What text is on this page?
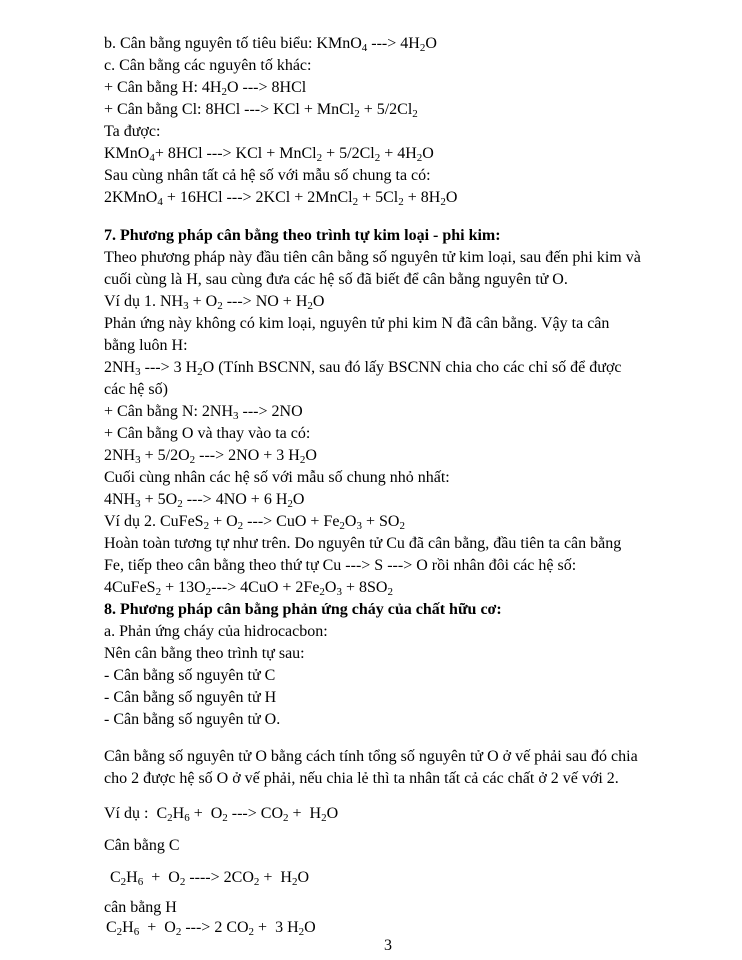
b. Cân bằng nguyên tố tiêu biểu: KMnO$_4$ ---> $4H_2O$
c. Cân bằng các nguyên tố khác:
+ Cân bằng H: $4H_2O$ ---> 8HCl
+ Cân bằng Cl: 8HCl ---> KCl + MnCl$_2$ + $5/2Cl_2$
Ta được:
KMnO$_4$+ 8HCl ---> KCl + MnCl$_2$ + $5/2Cl_2 + 4H_2O$
Sau cùng nhân tất cả hệ số với mẫu số chung ta có:
2KMnO$_4$ + 16HCl ---> 2KCl + 2MnCl$_2$ + $5Cl_2 + 8H_2O$
7. Phương pháp cân bằng theo trình tự kim loại - phi kim:
Theo phương pháp này đầu tiên cân bằng số nguyên tử kim loại, sau đến phi kim và
cuối cùng là H, sau cùng đưa các hệ số đã biết để cân bằng nguyên tử O.
Ví dụ 1. $NH_3 + O_2$ ---> NO + $H_2O$
Phản ứng này không có kim loại, nguyên tử phi kim N đã cân bằng. Vậy ta cân
bằng luôn H:
$2NH_3$ ---> 3 $H_2O$ (Tính BSCNN, sau đó lấy BSCNN chia cho các chỉ số để được
các hệ số)
+ Cân bằng N: $2NH_3$ ---> 2NO
+ Cân bằng O và thay vào ta có:
$2NH_3 + 5/2O_2$ ---> 2NO + 3 $H_2O$
Cuối cùng nhân các hệ số với mẫu số chung nhỏ nhất:
$4NH_3 + 5O_2$ ---> 4NO + 6 $H_2O$
Ví dụ 2. CuFeS$_2$ + $O_2$ ---> CuO + $Fe_2O_3 + SO_2$
Hoàn toàn tương tự như trên. Do nguyên tử Cu đã cân bằng, đầu tiên ta cân bằng
Fe, tiếp theo cân bằng theo thứ tự Cu ---> S ---> O rồi nhân đôi các hệ số:
4CuFeS$_2$ + $13O_2---> 4CuO + 2Fe_2O_3 + 8SO_2$
8. Phương pháp cân bằng phản ứng cháy của chất hữu cơ:
a. Phản ứng cháy của hidrocacbon:
Nên cân bằng theo trình tự sau:
- Cân bằng số nguyên tử C
- Cân bằng số nguyên tử H
- Cân bằng số nguyên tử O.
Cân bằng số nguyên tử O bằng cách tính tổng số nguyên tử O ở vế phải sau đó chia
cho 2 được hệ số O ở vế phải, nếu chia lẻ thì ta nhân tất cả các chất ở 2 vế với 2.
Ví dụ :  $C_2H_6 + O_2$ ---> $CO_2 + H_2O$
Cân bằng C
$C_2H_6 + O_2$ ----> $2CO_2 + H_2O$
cân bằng H
$C_2H_6 + O_2$ ---> 2 $CO_2 + 3$ $H_2O$
3
